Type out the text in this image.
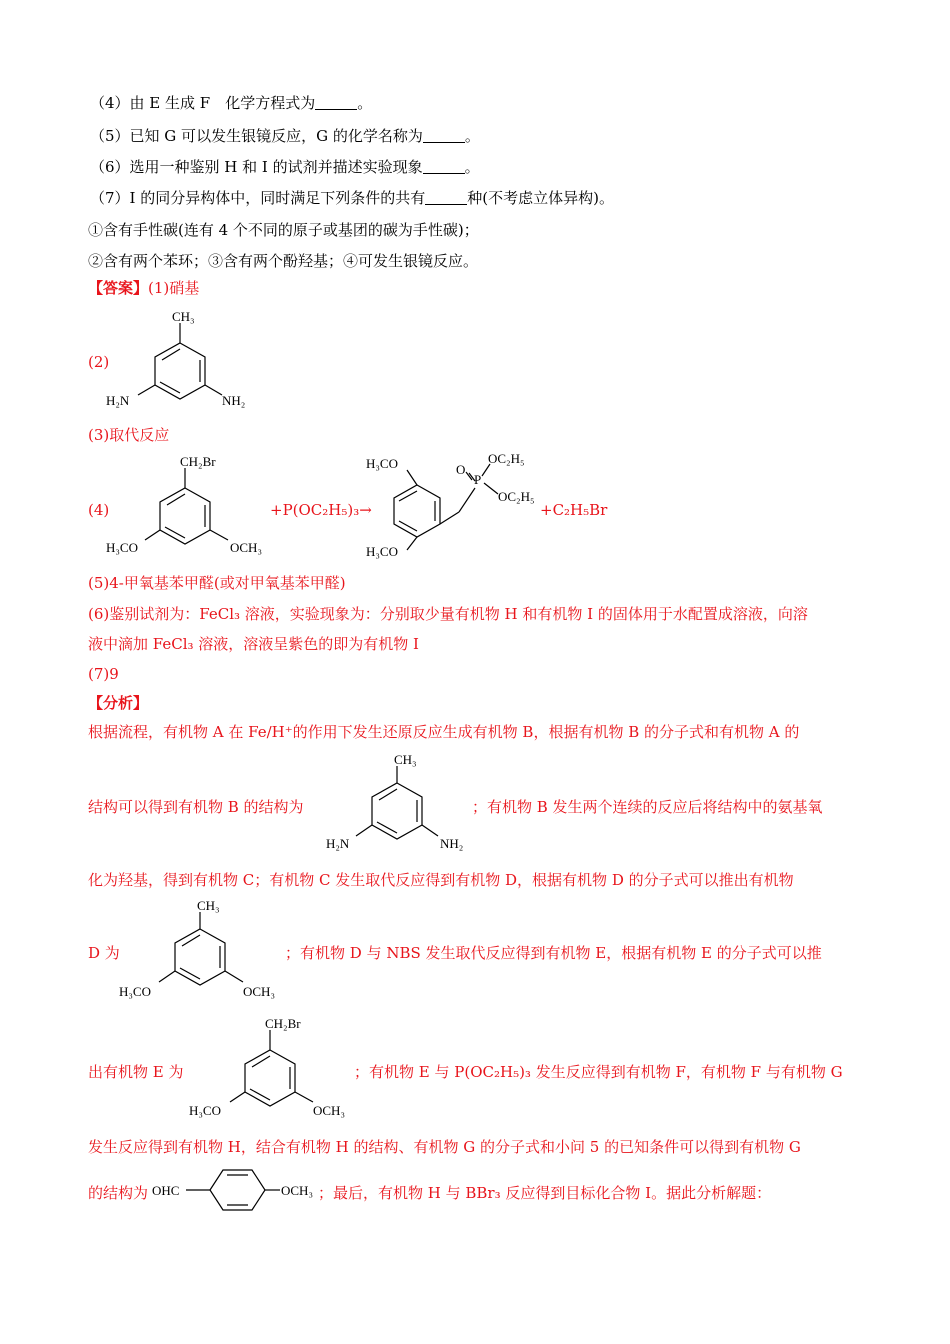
（4）由 E 生成 F　化学方程式为	。
（5）已知 G 可以发生银镜反应，G 的化学名称为	。
（6）选用一种鉴别 H 和 I 的试剂并描述实验现象	。
（7）I 的同分异构体中，同时满足下列条件的共有	种(不考虑立体异构)。
①含有手性碳(连有 4 个不同的原子或基团的碳为手性碳)；
②含有两个苯环；③含有两个酚羟基；④可发生银镜反应。
【答案】(1)硝基
(2)
CH₃
H₂N	NH₂
(3)取代反应
(4)
CH₂Br
H₃CO	OCH₃
+P(OC₂H₅)₃→
H₃CO
H₃CO
O
P
OC₂H₅
OC₂H₅
+C₂H₅Br
(5)4-甲氧基苯甲醛(或对甲氧基苯甲醛)
(6)鉴别试剂为：FeCl₃ 溶液，实验现象为：分别取少量有机物 H 和有机物 I 的固体用于水配置成溶液，向溶
液中滴加 FeCl₃ 溶液，溶液呈紫色的即为有机物 I
(7)9
【分析】
根据流程，有机物 A 在 Fe/H⁺的作用下发生还原反应生成有机物 B，根据有机物 B 的分子式和有机物 A 的
结构可以得到有机物 B 的结构为
CH₃
H₂N	NH₂
；有机物 B 发生两个连续的反应后将结构中的氨基氧
化为羟基，得到有机物 C；有机物 C 发生取代反应得到有机物 D，根据有机物 D 的分子式可以推出有机物
D 为
CH₃
H₃CO	OCH₃
；有机物 D 与 NBS 发生取代反应得到有机物 E，根据有机物 E 的分子式可以推
出有机物 E 为
CH₂Br
H₃CO	OCH₃
；有机物 E 与 P(OC₂H₅)₃ 发生反应得到有机物 F，有机物 F 与有机物 G
发生反应得到有机物 H，结合有机物 H 的结构、有机物 G 的分子式和小问 5 的已知条件可以得到有机物 G
的结构为 OHC	OCH₃ ；最后，有机物 H 与 BBr₃ 反应得到目标化合物 I。据此分析解题：
